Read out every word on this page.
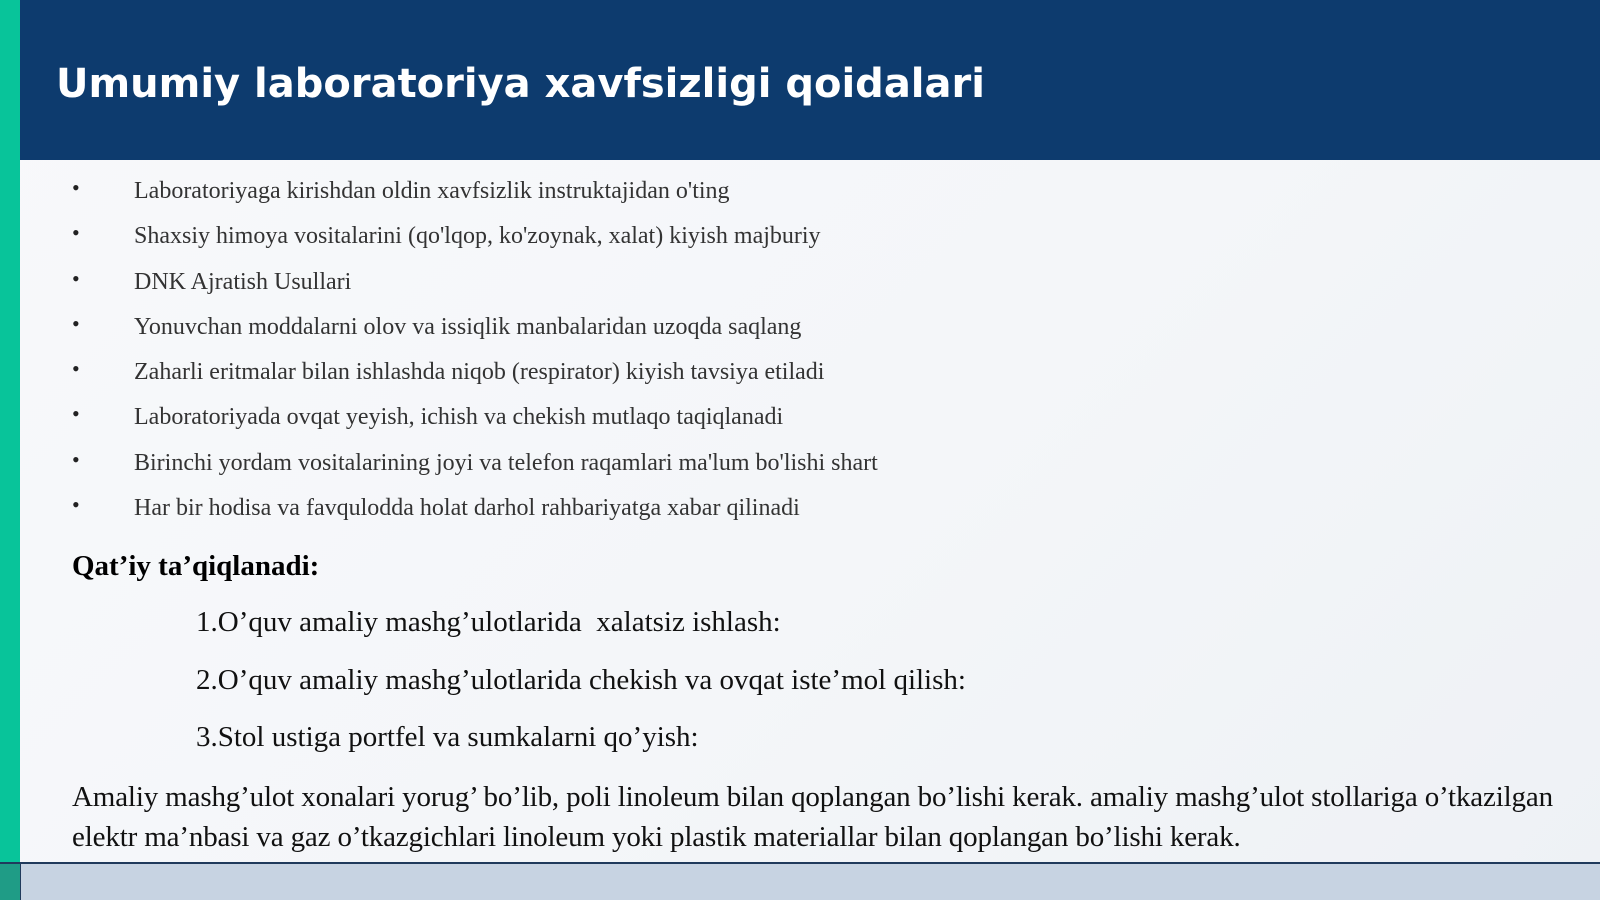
Umumiy laboratoriya xavfsizligi qoidalari
• Laboratoriyaga kirishdan oldin xavfsizlik instruktajidan o'ting
• Shaxsiy himoya vositalarini (qo'lqop, ko'zoynak, xalat) kiyish majburiy
• DNK Ajratish Usullari
• Yonuvchan moddalarni olov va issiqlik manbalaridan uzoqda saqlang
• Zaharli eritmalar bilan ishlashda niqob (respirator) kiyish tavsiya etiladi
• Laboratoriyada ovqat yeyish, ichish va chekish mutlaqo taqiqlanadi
• Birinchi yordam vositalarining joyi va telefon raqamlari ma'lum bo'lishi shart
• Har bir hodisa va favqulodda holat darhol rahbariyatga xabar qilinadi
Qat’iy ta’qiqlanadi:
1.O’quv amaliy mashg’ulotlarida  xalatsiz ishlash:
2.O’quv amaliy mashg’ulotlarida chekish va ovqat iste’mol qilish:
3.Stol ustiga portfel va sumkalarni qo’yish:

Amaliy mashg’ulot xonalari yorug’ bo’lib, poli linoleum bilan qoplangan bo’lishi kerak. amaliy mashg’ulot stollariga o’tkazilgan elektr ma’nbasi va gaz o’tkazgichlari linoleum yoki plastik materiallar bilan qoplangan bo’lishi kerak.
